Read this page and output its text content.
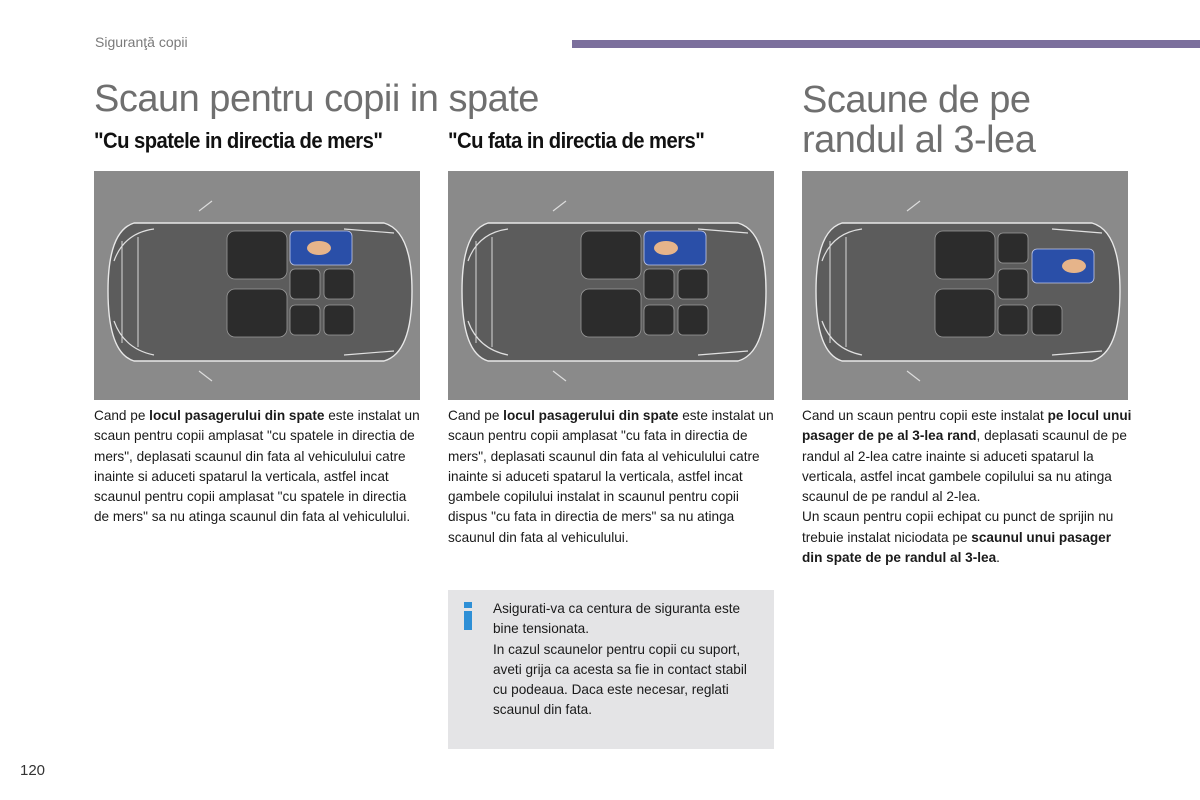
Siguranţă copii
Scaun pentru copii in spate	Scaune de pe
randul al 3-lea
"Cu spatele in directia de mers"	"Cu fata in directia de mers"
Cand pe locul pasagerului din spate este instalat un scaun pentru copii amplasat "cu spatele in directia de mers", deplasati scaunul din fata al vehiculului catre inainte si aduceti spatarul la verticala, astfel incat scaunul pentru copii amplasat "cu spatele in directia de mers" sa nu atinga scaunul din fata al vehiculului.
Cand pe locul pasagerului din spate este instalat un scaun pentru copii amplasat "cu fata in directia de mers", deplasati scaunul din fata al vehiculului catre inainte si aduceti spatarul la verticala, astfel incat gambele copilului instalat in scaunul pentru copii dispus "cu fata in directia de mers" sa nu atinga scaunul din fata al vehiculului.
Cand un scaun pentru copii este instalat pe locul unui pasager de pe al 3-lea rand, deplasati scaunul de pe randul al 2-lea catre inainte si aduceti spatarul la verticala, astfel incat gambele copilului sa nu atinga scaunul de pe randul al 2-lea.
Un scaun pentru copii echipat cu punct de sprijin nu trebuie instalat niciodata pe scaunul unui pasager din spate de pe randul al 3-lea.
Asigurati-va ca centura de siguranta este bine tensionata.
In cazul scaunelor pentru copii cu suport, aveti grija ca acesta sa fie in contact stabil cu podeaua. Daca este necesar, reglati scaunul din fata.
120
